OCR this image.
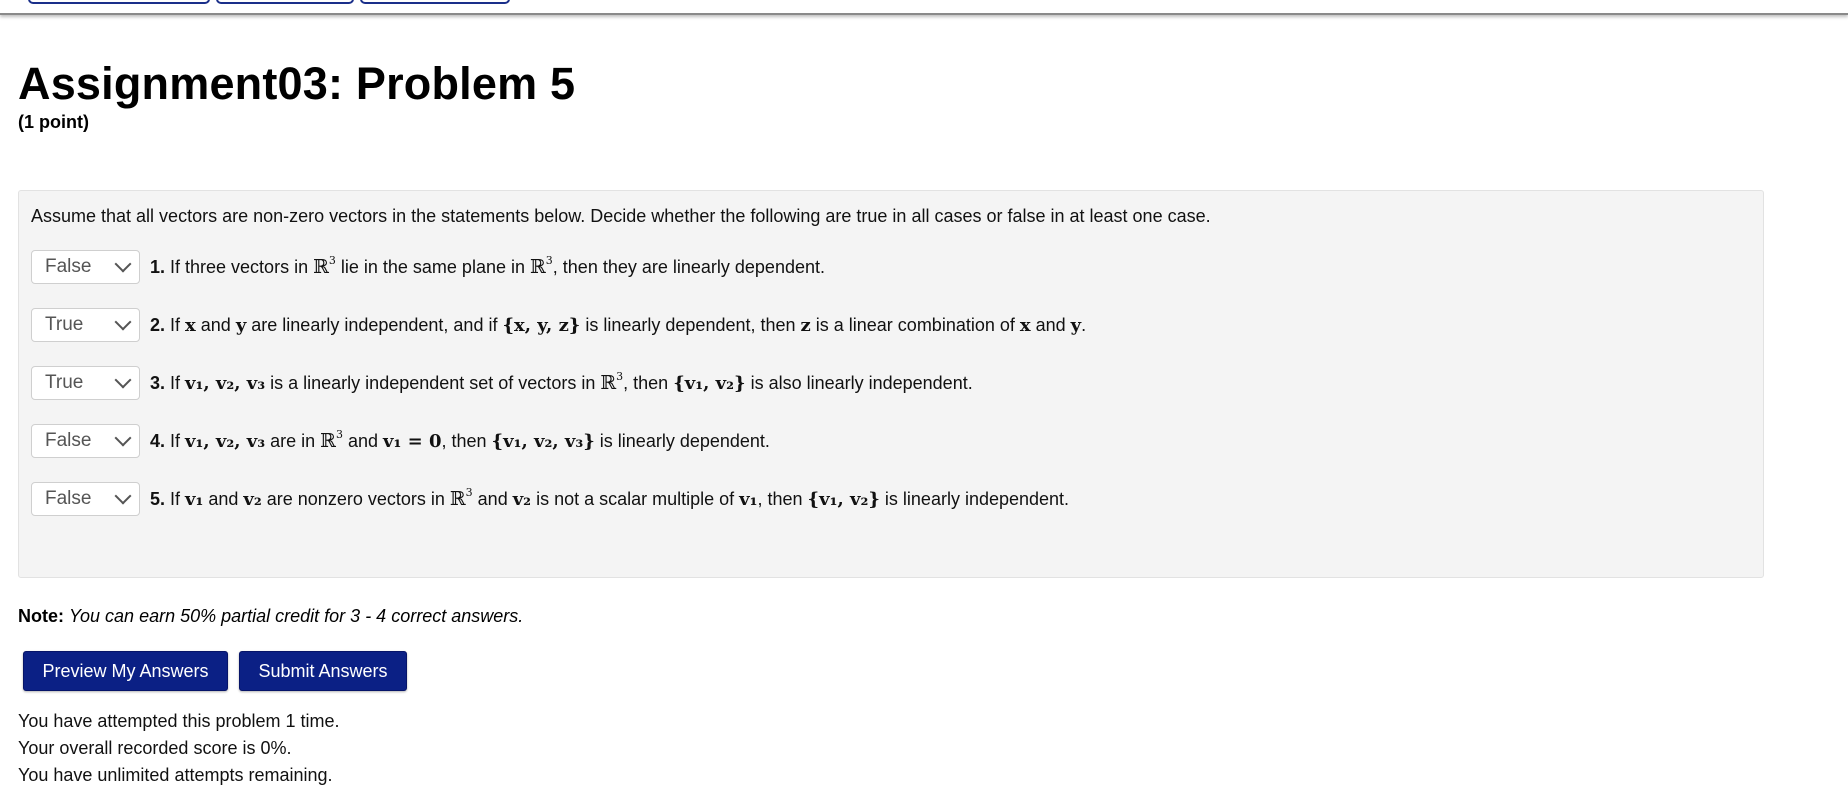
Assignment03: Problem 5
(1 point)
Assume that all vectors are non-zero vectors in the statements below. Decide whether the following are true in all cases or false in at least one case.
False	1. If three vectors in ℝ$^3$ lie in the same plane in ℝ$^3$, then they are linearly dependent.
True	2. If x and y are linearly independent, and if {x, y, z} is linearly dependent, then z is a linear combination of x and y.
True	3. If v₁, v₂, v₃ is a linearly independent set of vectors in ℝ$^3$, then {v₁, v₂} is also linearly independent.
False	4. If v₁, v₂, v₃ are in ℝ$^3$ and v₁ = 0, then {v₁, v₂, v₃} is linearly dependent.
False	5. If v₁ and v₂ are nonzero vectors in ℝ$^3$ and v₂ is not a scalar multiple of v₁, then {v₁, v₂} is linearly independent.
Note: You can earn 50% partial credit for 3 - 4 correct answers.
Preview My Answers	Submit Answers
You have attempted this problem 1 time.
Your overall recorded score is 0%.
You have unlimited attempts remaining.
